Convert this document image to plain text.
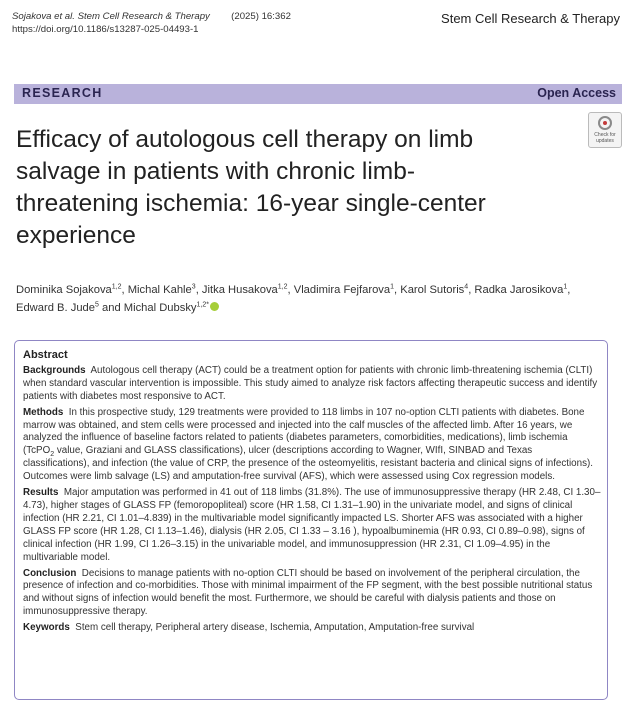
Sojakova et al. Stem Cell Research & Therapy (2025) 16:362
https://doi.org/10.1186/s13287-025-04493-1
Stem Cell Research & Therapy
RESEARCH	Open Access
Efficacy of autologous cell therapy on limb salvage in patients with chronic limb-threatening ischemia: 16-year single-center experience
Check for updates
Dominika Sojakova$^{1,2}$, Michal Kahle$^3$, Jitka Husakova$^{1,2}$, Vladimira Fejfarova$^1$, Karol Sutoris$^4$, Radka Jarosikova$^1$,
Edward B. Jude$^5$ and Michal Dubsky$^{1,2*}$
Abstract

Backgrounds Autologous cell therapy (ACT) could be a treatment option for patients with chronic limb-threatening ischemia (CLTI) when standard vascular intervention is impossible. This study aimed to analyze risk factors affecting therapeutic success and identify patients with diabetes most responsive to ACT.

Methods In this prospective study, 129 treatments were provided to 118 limbs in 107 no-option CLTI patients with diabetes. Bone marrow was obtained, and stem cells were processed and injected into the calf muscles of the affected limb. After 16 years, we analyzed the influence of baseline factors related to patients (diabetes parameters, comorbidities, medications), limb ischemia (TcPO$_2$ value, Graziani and GLASS classifications), ulcer (descriptions according to Wagner, WIfI, SINBAD and Texas classifications), and infection (the value of CRP, the presence of the osteomyelitis, resistant bacteria and clinical signs of infections). Outcomes were limb salvage (LS) and amputation-free survival (AFS), which were assessed using Cox regression models.

Results Major amputation was performed in 41 out of 118 limbs (31.8%). The use of immunosuppressive therapy (HR 2.48, CI 1.30–4.73), higher stages of GLASS FP (femoropopliteal) score (HR 1.58, CI 1.31–1.90) in the univariate model, and signs of clinical infection (HR 2.21, CI 1.01–4.839) in the multivariable model significantly impacted LS. Shorter AFS was associated with a higher GLASS FP score (HR 1.28, CI 1.13–1.46), dialysis (HR 2.05, CI 1.33 – 3.16 ), hypoalbuminemia (HR 0.93, CI 0.89–0.98), signs of clinical infection (HR 1.99, CI 1.26–3.15) in the univariable model, and immunosuppression (HR 2.31, CI 1.09–4.95) in the multivariable model.

Conclusion Decisions to manage patients with no-option CLTI should be based on involvement of the peripheral circulation, the presence of infection and co-morbidities. Those with minimal impairment of the FP segment, with the best possible nutritional status and without signs of infection would benefit the most. Furthermore, we should be careful with dialysis patients and those on immunosuppressive therapy.

Keywords Stem cell therapy, Peripheral artery disease, Ischemia, Amputation, Amputation-free survival
